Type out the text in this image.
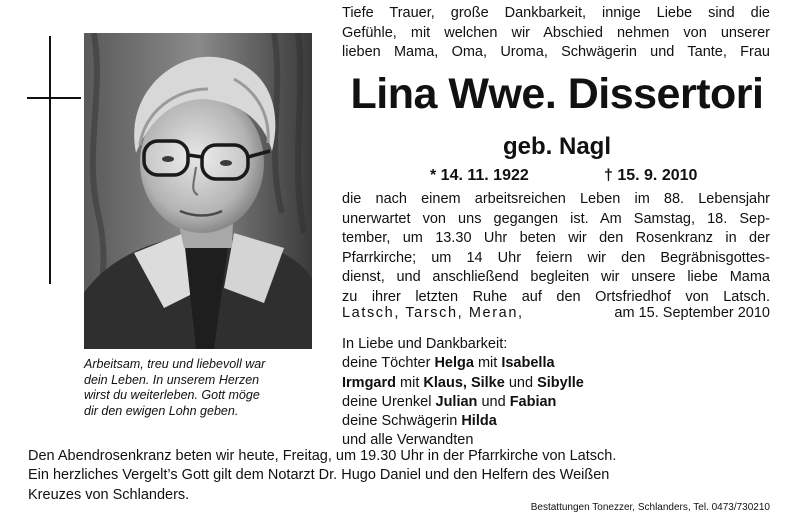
Arbeitsam, treu und liebevoll war
dein Leben. In unserem Herzen
wirst du weiterleben. Gott möge
dir den ewigen Lohn geben.
Tiefe Trauer, große Dankbarkeit, innige Liebe sind die
Gefühle, mit welchen wir Abschied nehmen von unserer
lieben Mama, Oma, Uroma, Schwägerin und Tante, Frau
Lina Wwe. Dissertori
geb. Nagl
* 14. 11. 1922	† 15. 9. 2010
die nach einem arbeitsreichen Leben im 88. Lebensjahr
unerwartet von uns gegangen ist. Am Samstag, 18. Sep-
tember, um 13.30 Uhr beten wir den Rosenkranz in der
Pfarrkirche; um 14 Uhr feiern wir den Begräbnisgottes-
dienst, und anschließend begleiten wir unsere liebe Mama
zu ihrer letzten Ruhe auf den Ortsfriedhof von Latsch.
Latsch, Tarsch, Meran,	am 15. September 2010
In Liebe und Dankbarkeit:
deine Töchter Helga mit Isabella
Irmgard mit Klaus, Silke und Sibylle
deine Urenkel Julian und Fabian
deine Schwägerin Hilda
und alle Verwandten
Den Abendrosenkranz beten wir heute, Freitag, um 19.30 Uhr in der Pfarrkirche von Latsch.
Ein herzliches Vergelt’s Gott gilt dem Notarzt Dr. Hugo Daniel und den Helfern des Weißen
Kreuzes von Schlanders.
Bestattungen Tonezzer, Schlanders, Tel. 0473/730210
